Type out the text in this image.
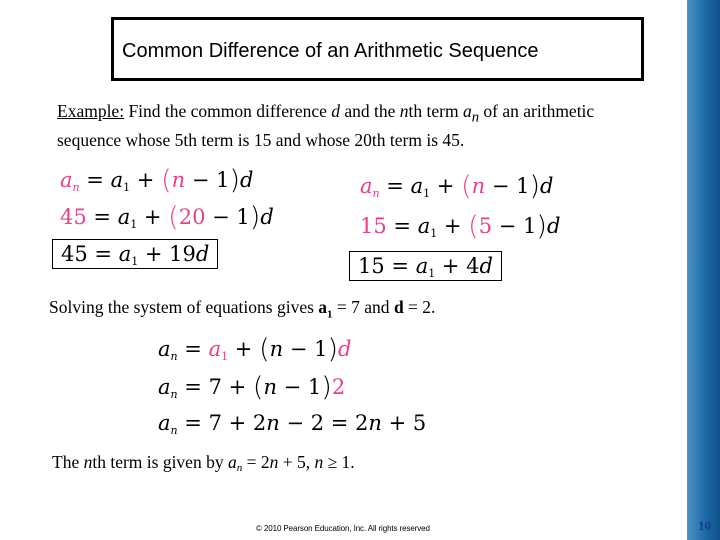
Common Difference of an Arithmetic Sequence
Example: Find the common difference d and the nth term $a_n$ of an arithmetic sequence whose 5th term is 15 and whose 20th term is 45.
$a_n = a_1 + (n - 1)d$
$45 = a_1 + (20 - 1)d$
$45 = a_1 + 19d$
$a_n = a_1 + (n - 1)d$
$15 = a_1 + (5 - 1)d$
$15 = a_1 + 4d$
Solving the system of equations gives $a_1 = 7$ and d = 2.
$a_n = a_1 + (n - 1)d$
$a_n = 7 + (n - 1)2$
$a_n = 7 + 2n - 2 = 2n + 5$
The nth term is given by $a_n = 2n + 5$, n ≥ 1.
© 2010 Pearson Education, Inc. All rights reserved	10
